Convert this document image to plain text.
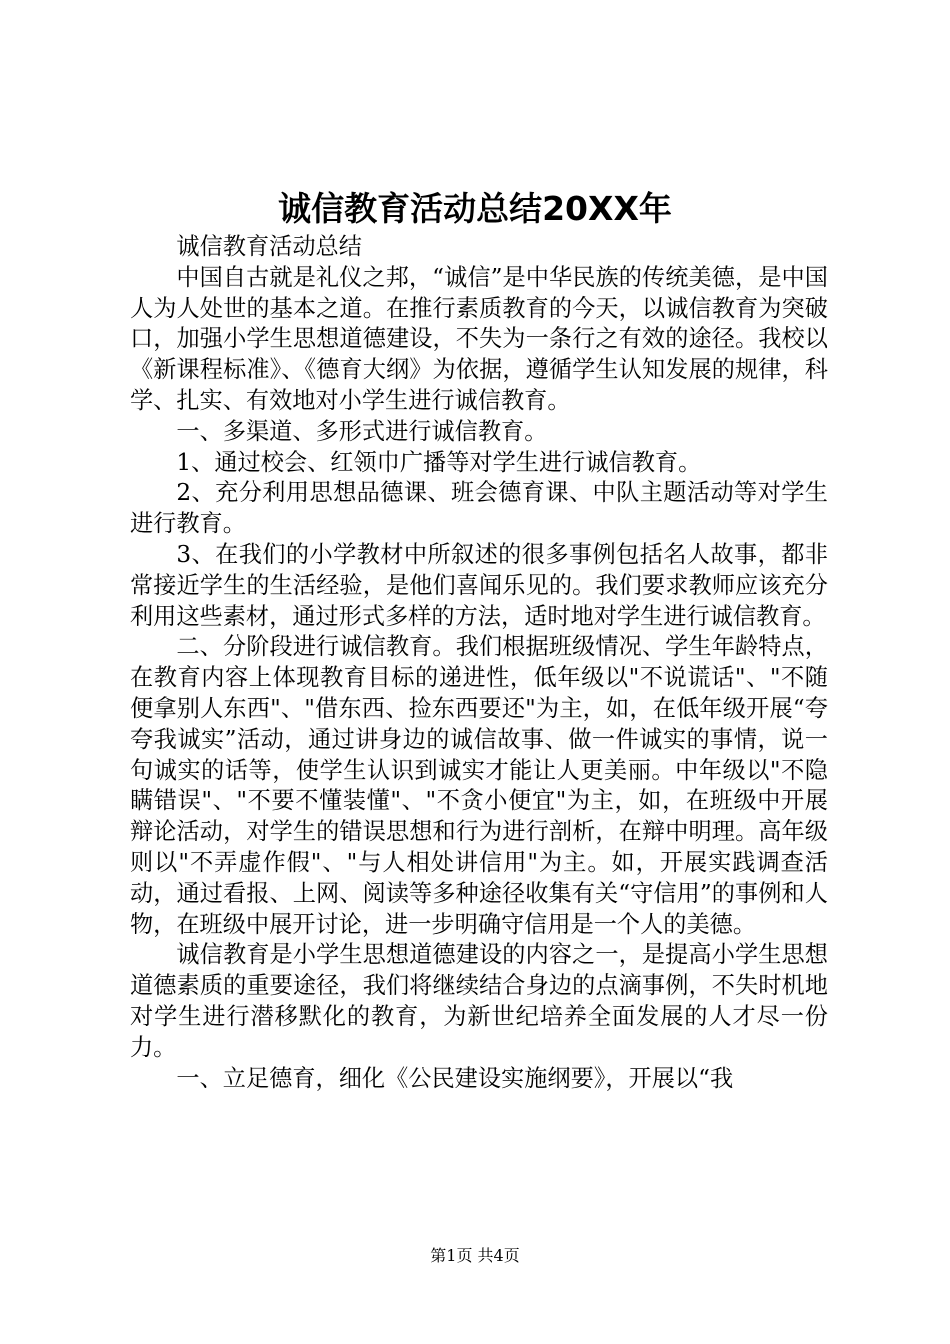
诚信教育活动总结20XX年

诚信教育活动总结

中国自古就是礼仪之邦，“诚信”是中华民族的传统美德，是中国人为人处世的基本之道。在推行素质教育的今天，以诚信教育为突破口，加强小学生思想道德建设，不失为一条行之有效的途径。我校以《新课程标准》、《德育大纲》为依据，遵循学生认知发展的规律，科学、扎实、有效地对小学生进行诚信教育。

一、多渠道、多形式进行诚信教育。

1、通过校会、红领巾广播等对学生进行诚信教育。

2、充分利用思想品德课、班会德育课、中队主题活动等对学生进行教育。

3、在我们的小学教材中所叙述的很多事例包括名人故事，都非常接近学生的生活经验，是他们喜闻乐见的。我们要求教师应该充分利用这些素材，通过形式多样的方法，适时地对学生进行诚信教育。

二、分阶段进行诚信教育。我们根据班级情况、学生年龄特点，在教育内容上体现教育目标的递进性，低年级以"不说谎话"、"不随便拿别人东西"、"借东西、捡东西要还"为主，如，在低年级开展“夸夸我诚实”活动，通过讲身边的诚信故事、做一件诚实的事情，说一句诚实的话等，使学生认识到诚实才能让人更美丽。中年级以"不隐瞒错误"、"不要不懂装懂"、"不贪小便宜"为主，如，在班级中开展辩论活动，对学生的错误思想和行为进行剖析，在辩中明理。高年级则以"不弄虚作假"、"与人相处讲信用"为主。如，开展实践调查活动，通过看报、上网、阅读等多种途径收集有关“守信用”的事例和人物，在班级中展开讨论，进一步明确守信用是一个人的美德。

诚信教育是小学生思想道德建设的内容之一，是提高小学生思想道德素质的重要途径，我们将继续结合身边的点滴事例，不失时机地对学生进行潜移默化的教育，为新世纪培养全面发展的人才尽一份力。

一、立足德育，细化《公民建设实施纲要》，开展以“我

第1页 共4页
